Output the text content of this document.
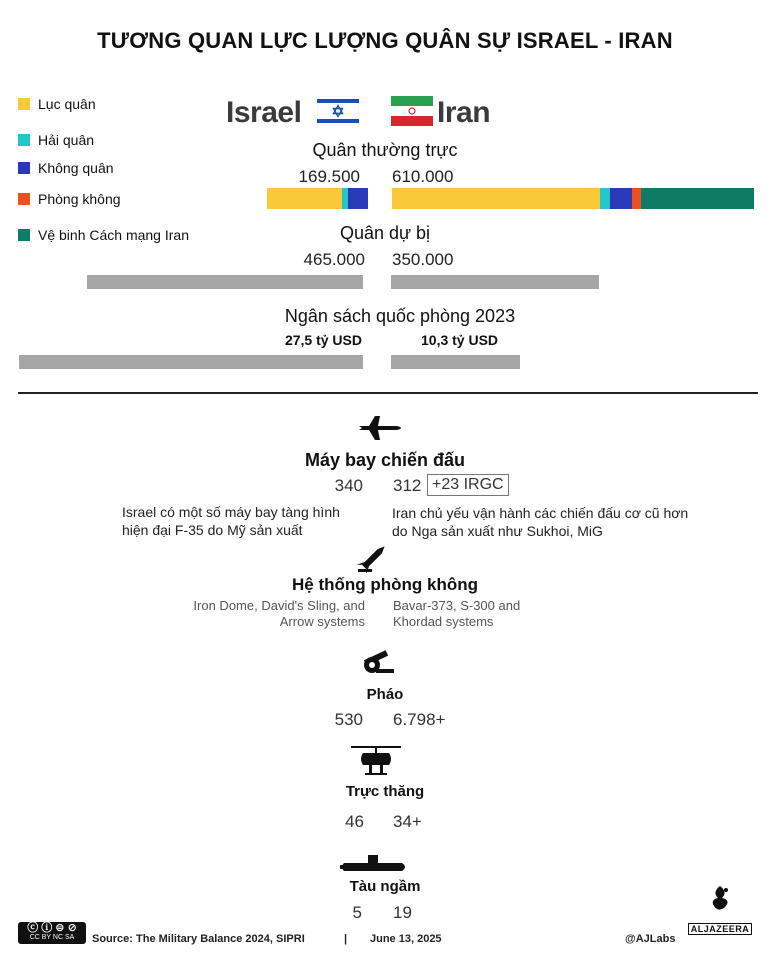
TƯƠNG QUAN LỰC LƯỢNG QUÂN SỰ ISRAEL - IRAN
Lục quân
Hải quân
Không quân
Phòng không
Vệ binh Cách mạng Iran
Israel	Iran
Quân thường trực
169.500 610.000
Quân dự bị
465.000 350.000
Ngân sách quốc phòng 2023
27,5 tỷ USD	10,3 tỷ USD
Máy bay chiến đấu
340 312 +23 IRGC
Israel có một số máy bay tàng hình hiện đại F-35 do Mỹ sản xuất
Iran chủ yếu vận hành các chiến đấu cơ cũ hơn do Nga sản xuất như Sukhoi, MiG
Hệ thống phòng không
Iron Dome, David's Sling, and Arrow systems
Bavar-373, S-300 and Khordad systems
Pháo
530 6.798+
Trực thăng
46 34+
Tàu ngầm
5 19
ⓒ ⓘ ⊜ ⊘
CC BY NC SA	Source: The Military Balance 2024, SIPRI	| June 13, 2025	@AJLabs
ALJAZEERA
